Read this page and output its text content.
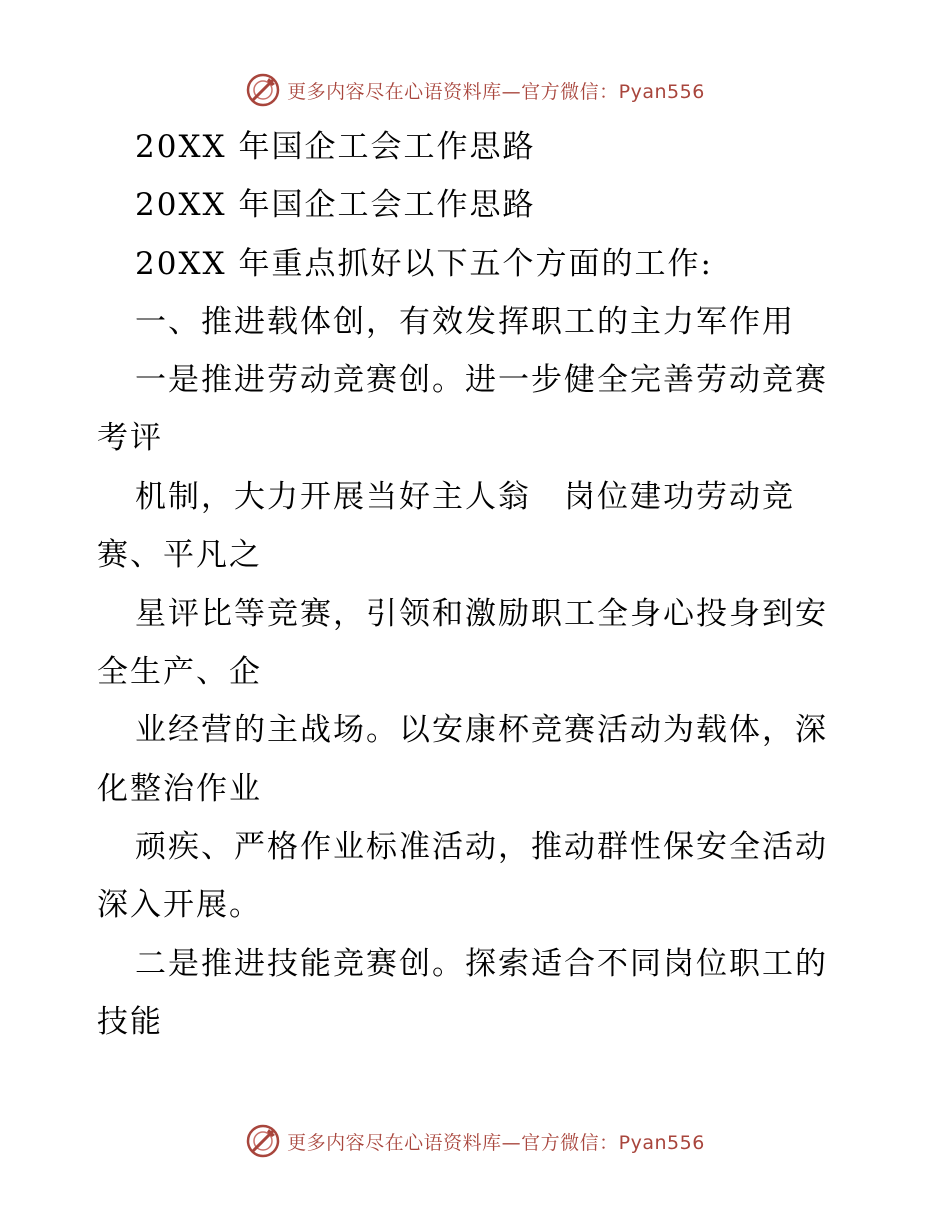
更多内容尽在心语资料库—官方微信：Pyan556
20XX 年国企工会工作思路
20XX 年国企工会工作思路
20XX 年重点抓好以下五个方面的工作:
一、推进载体创，有效发挥职工的主力军作用
一是推进劳动竞赛创。进一步健全完善劳动竞赛
考评
机制，大力开展当好主人翁　岗位建功劳动竞
赛、平凡之
星评比等竞赛，引领和激励职工全身心投身到安
全生产、企
业经营的主战场。以安康杯竞赛活动为载体，深
化整治作业
顽疾、严格作业标准活动，推动群性保安全活动
深入开展。
二是推进技能竞赛创。探索适合不同岗位职工的
技能
更多内容尽在心语资料库—官方微信：Pyan556
